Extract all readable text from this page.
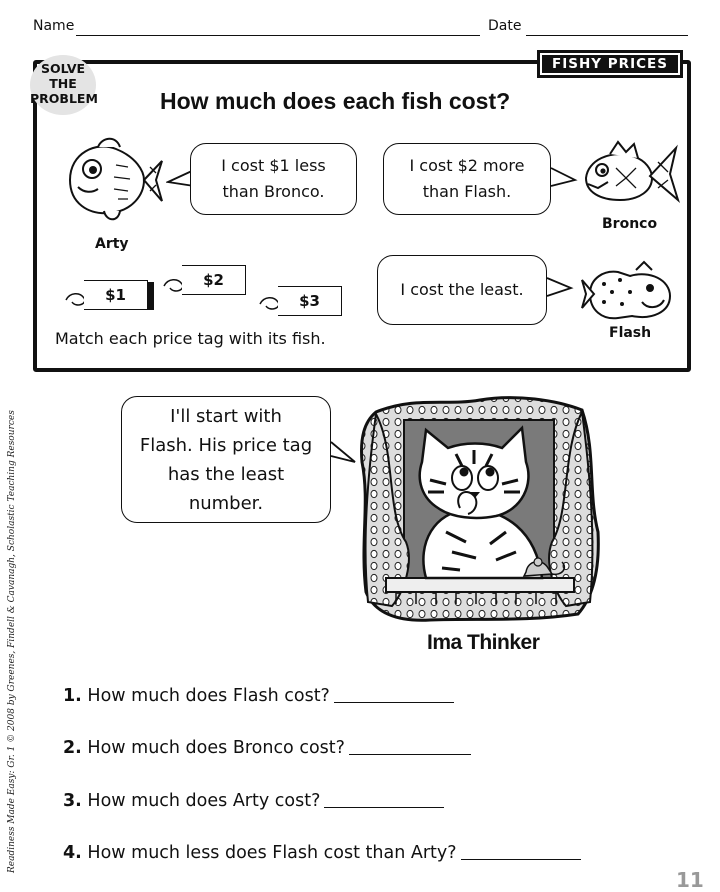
Name	Date
SOLVE
THE
PROBLEM
FISHY PRICES
How much does each fish cost?
Arty
I cost $1 less
than Bronco.
I cost $2 more
than Flash.
Bronco
$1
$2
$3
I cost the least.
Flash
Match each price tag with its fish.
I'll start with
Flash. His price tag
has the least
number.
Ima Thinker
1. How much does Flash cost?
2. How much does Bronco cost?
3. How much does Arty cost?
4. How much less does Flash cost than Arty?
Readiness Made Easy: Gr. 1 © 2008 by Greenes, Findell & Cavanagh, Scholastic Teaching Resources
11
